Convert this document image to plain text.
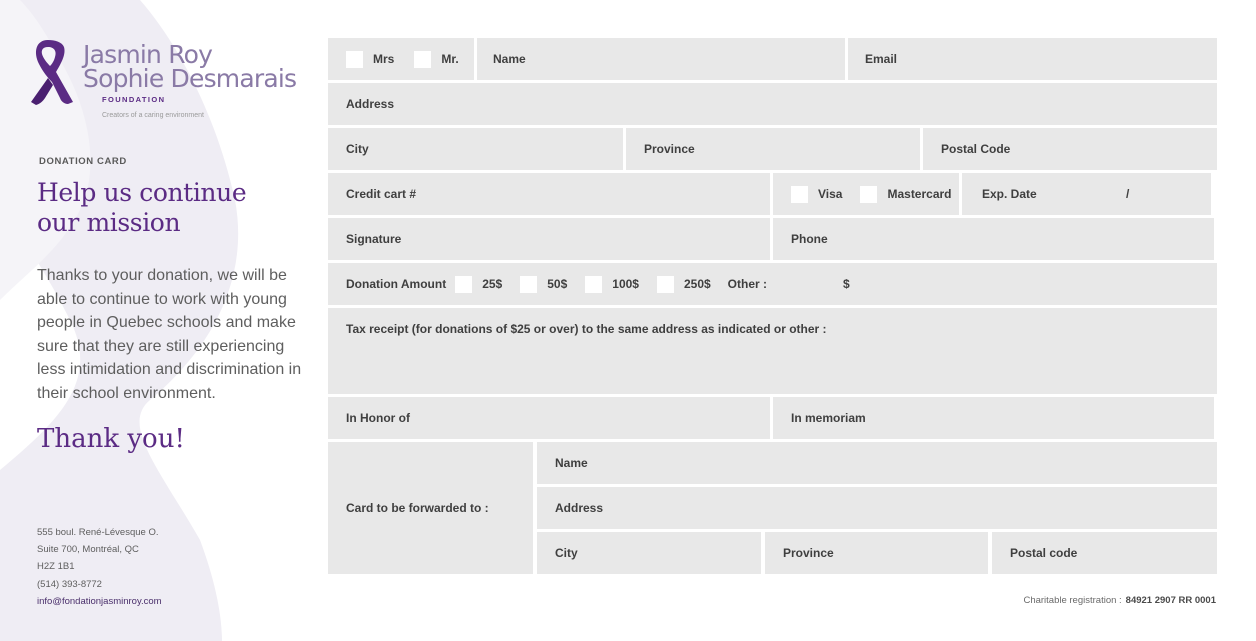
Jasmin Roy
Sophie Desmarais
FOUNDATION
Creators of a caring environment
DONATION CARD
Help us continue
our mission
Thanks to your donation, we will be able to continue to work with young people in Quebec schools and make sure that they are still experiencing less intimidation and discrimination in their school environment.
Thank you!
555 boul. René-Lévesque O.
Suite 700, Montréal, QC
H2Z 1B1
(514) 393-8772
info@fondationjasminroy.com
Mrs	Mr.	Name	Email
Address
City	Province	Postal Code
Credit cart #	Visa	Mastercard	Exp. Date	/
Signature	Phone
Donation Amount	25$	50$	100$	250$ Other :	$
Tax receipt (for donations of $25 or over) to the same address as indicated or other :
In Honor of	In memoriam
Card to be forwarded to :
Name
Address
City	Province	Postal code
Charitable registration : 84921 2907 RR 0001
